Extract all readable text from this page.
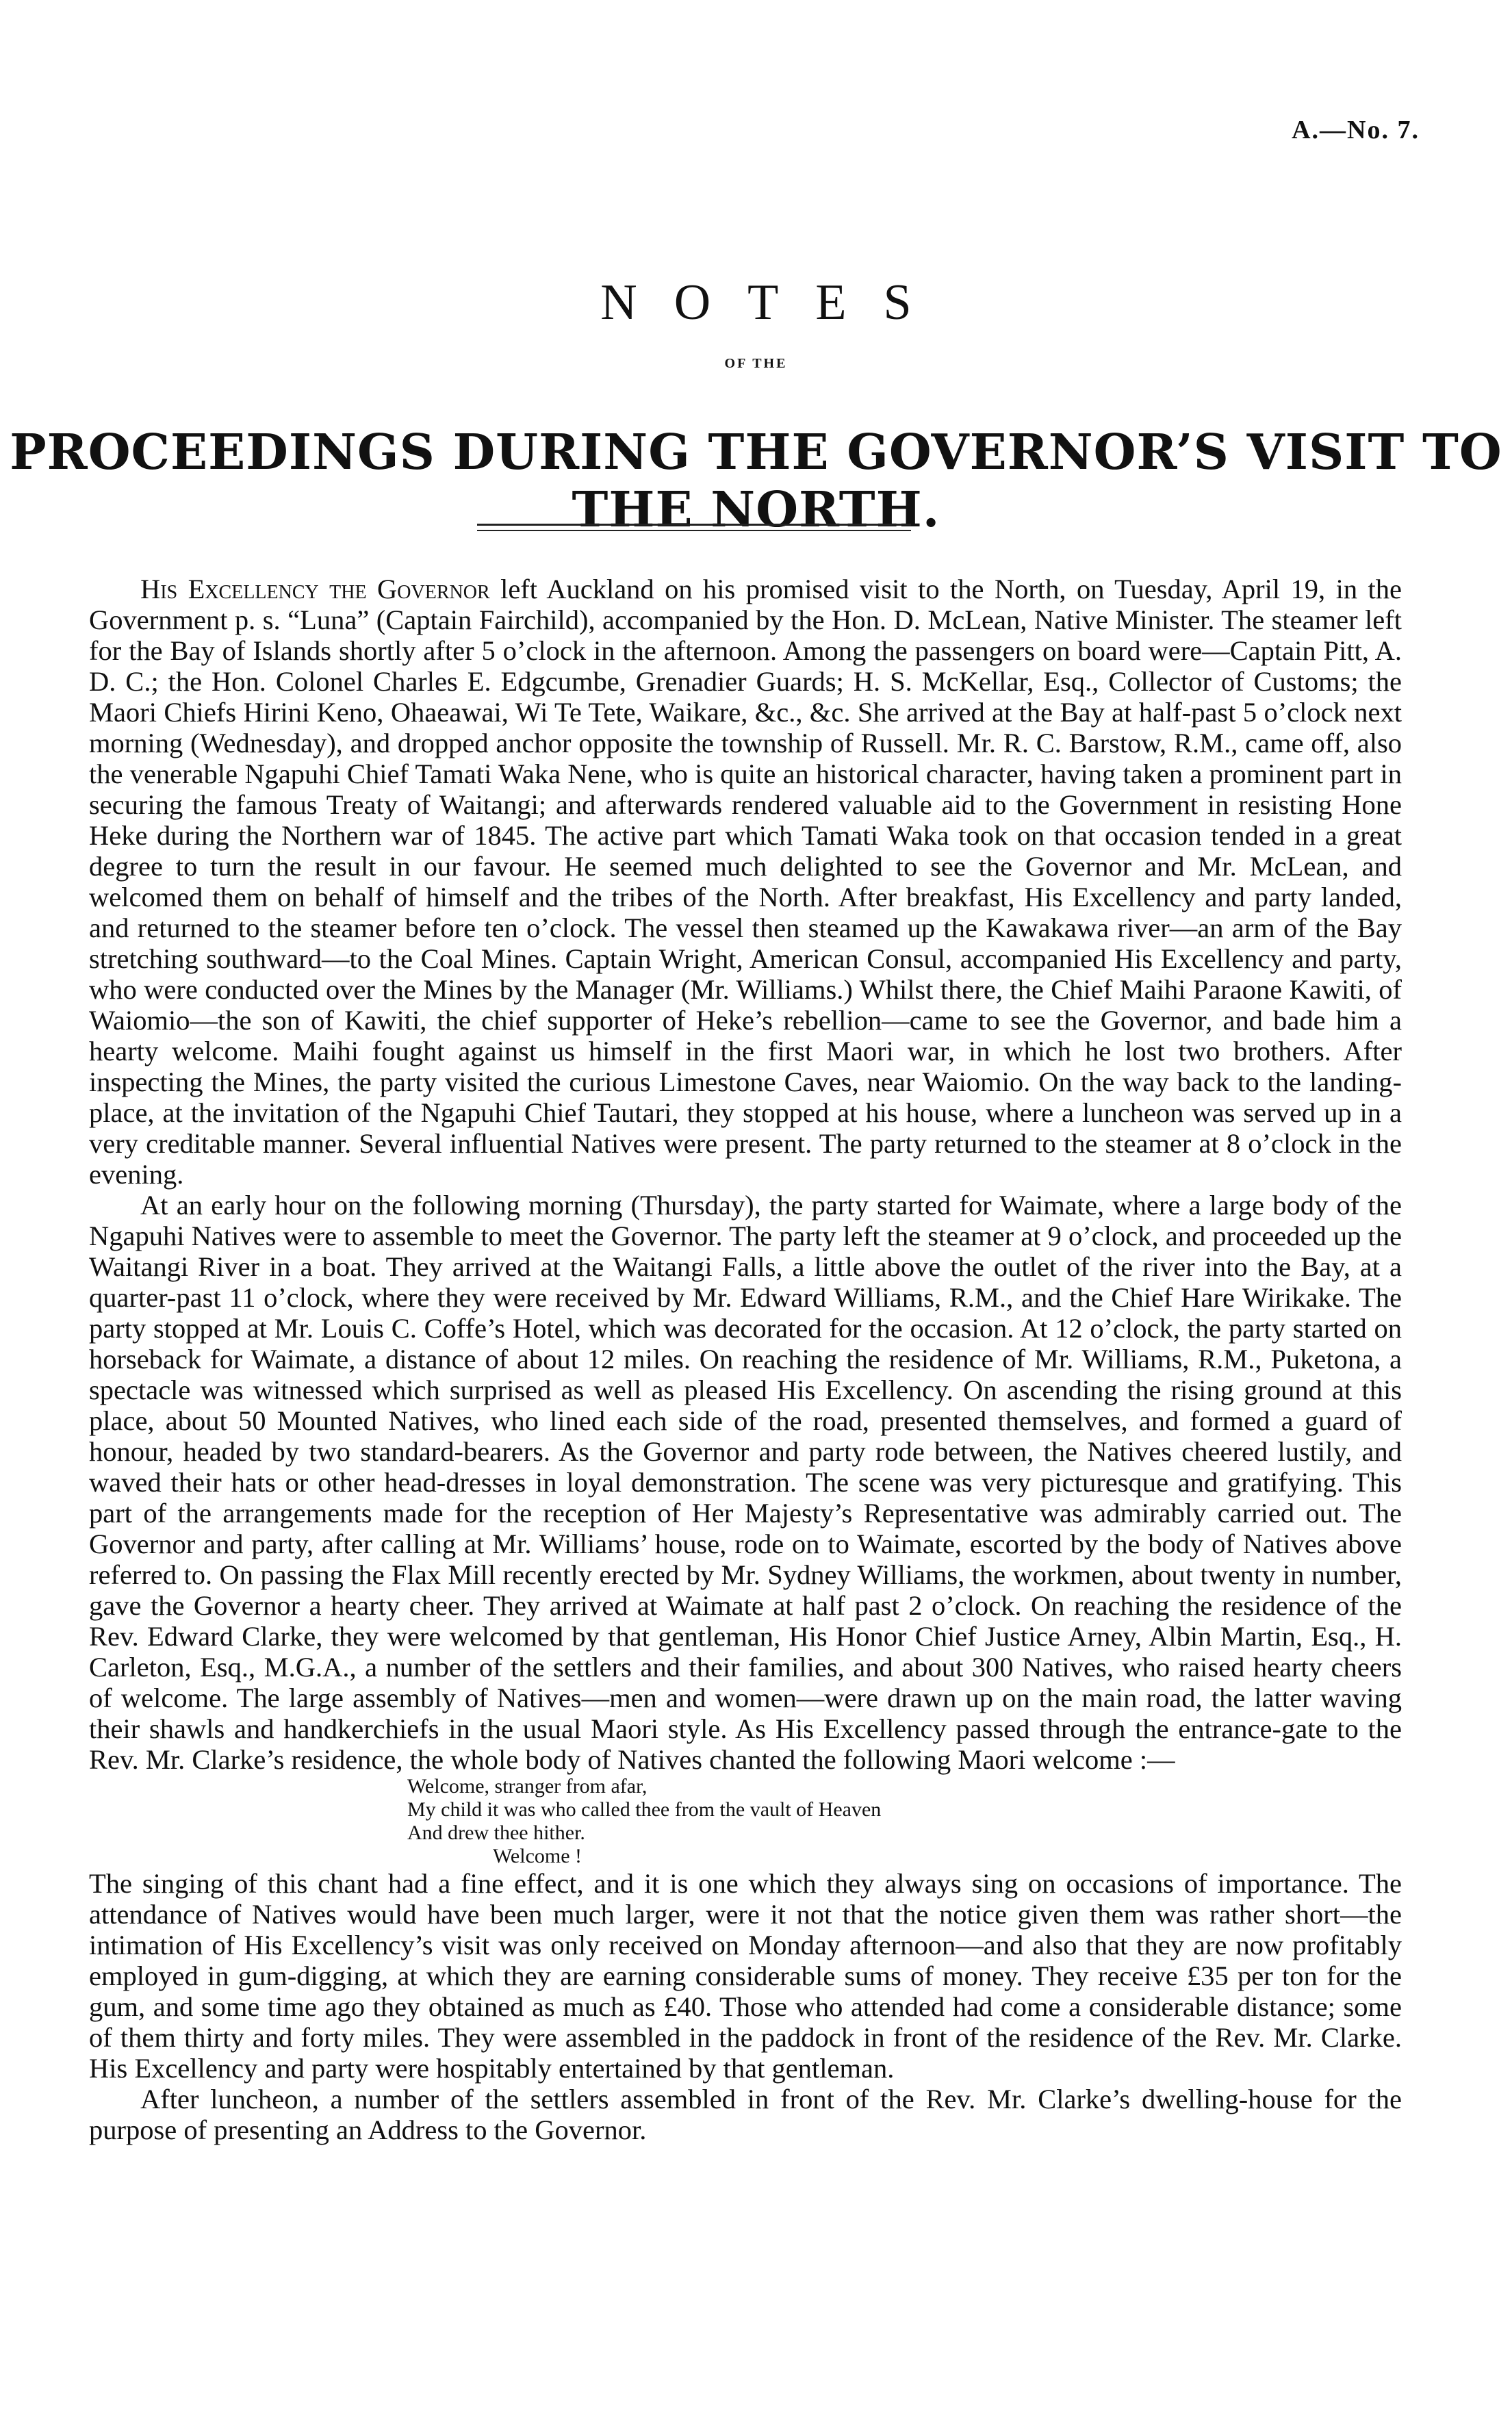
A.—No. 7.
NOTES
OF THE
PROCEEDINGS DURING THE GOVERNOR’S VISIT TO THE NORTH.

His Excellency the Governor left Auckland on his promised visit to the North, on Tuesday, April 19, in the Government p. s. “Luna” (Captain Fairchild), accompanied by the Hon. D. McLean, Native Minister. The steamer left for the Bay of Islands shortly after 5 o’clock in the afternoon. Among the passengers on board were—Captain Pitt, A. D. C.; the Hon. Colonel Charles E. Edgcumbe, Grenadier Guards; H. S. McKellar, Esq., Collector of Customs; the Maori Chiefs Hirini Keno, Ohaeawai, Wi Te Tete, Waikare, &c., &c. She arrived at the Bay at half-past 5 o’clock next morning (Wednesday), and dropped anchor opposite the township of Russell. Mr. R. C. Barstow, R.M., came off, also the venerable Ngapuhi Chief Tamati Waka Nene, who is quite an historical character, having taken a prominent part in securing the famous Treaty of Waitangi; and afterwards rendered valuable aid to the Government in resisting Hone Heke during the Northern war of 1845. The active part which Tamati Waka took on that occasion tended in a great degree to turn the result in our favour. He seemed much delighted to see the Governor and Mr. McLean, and welcomed them on behalf of himself and the tribes of the North. After breakfast, His Excellency and party landed, and returned to the steamer before ten o’clock. The vessel then steamed up the Kawakawa river—an arm of the Bay stretching southward—to the Coal Mines. Captain Wright, American Consul, accompanied His Excellency and party, who were conducted over the Mines by the Manager (Mr. Williams.) Whilst there, the Chief Maihi Paraone Kawiti, of Waiomio—the son of Kawiti, the chief supporter of Heke’s rebellion—came to see the Governor, and bade him a hearty welcome. Maihi fought against us himself in the first Maori war, in which he lost two brothers. After inspecting the Mines, the party visited the curious Limestone Caves, near Waiomio. On the way back to the landing-place, at the invitation of the Ngapuhi Chief Tautari, they stopped at his house, where a luncheon was served up in a very creditable manner. Several influential Natives were present. The party returned to the steamer at 8 o’clock in the evening.

At an early hour on the following morning (Thursday), the party started for Waimate, where a large body of the Ngapuhi Natives were to assemble to meet the Governor. The party left the steamer at 9 o’clock, and proceeded up the Waitangi River in a boat. They arrived at the Waitangi Falls, a little above the outlet of the river into the Bay, at a quarter-past 11 o’clock, where they were received by Mr. Edward Williams, R.M., and the Chief Hare Wirikake. The party stopped at Mr. Louis C. Coffe’s Hotel, which was decorated for the occasion. At 12 o’clock, the party started on horseback for Waimate, a distance of about 12 miles. On reaching the residence of Mr. Williams, R.M., Puketona, a spectacle was witnessed which surprised as well as pleased His Excellency. On ascending the rising ground at this place, about 50 Mounted Natives, who lined each side of the road, presented themselves, and formed a guard of honour, headed by two standard-bearers. As the Governor and party rode between, the Natives cheered lustily, and waved their hats or other head-dresses in loyal demonstration. The scene was very picturesque and gratifying. This part of the arrangements made for the reception of Her Majesty’s Representative was admirably carried out. The Governor and party, after calling at Mr. Williams’ house, rode on to Waimate, escorted by the body of Natives above referred to. On passing the Flax Mill recently erected by Mr. Sydney Williams, the workmen, about twenty in number, gave the Governor a hearty cheer. They arrived at Waimate at half past 2 o’clock. On reaching the residence of the Rev. Edward Clarke, they were welcomed by that gentleman, His Honor Chief Justice Arney, Albin Martin, Esq., H. Carleton, Esq., M.G.A., a number of the settlers and their families, and about 300 Natives, who raised hearty cheers of welcome. The large assembly of Natives—men and women—were drawn up on the main road, the latter waving their shawls and handkerchiefs in the usual Maori style. As His Excellency passed through the entrance-gate to the Rev. Mr. Clarke’s residence, the whole body of Natives chanted the following Maori welcome :—

Welcome, stranger from afar,
My child it was who called thee from the vault of Heaven
And drew thee hither.
Welcome !

The singing of this chant had a fine effect, and it is one which they always sing on occasions of importance. The attendance of Natives would have been much larger, were it not that the notice given them was rather short—the intimation of His Excellency’s visit was only received on Monday afternoon—and also that they are now profitably employed in gum-digging, at which they are earning considerable sums of money. They receive £35 per ton for the gum, and some time ago they obtained as much as £40. Those who attended had come a considerable distance; some of them thirty and forty miles. They were assembled in the paddock in front of the residence of the Rev. Mr. Clarke. His Excellency and party were hospitably entertained by that gentleman.

After luncheon, a number of the settlers assembled in front of the Rev. Mr. Clarke’s dwelling-house for the purpose of presenting an Address to the Governor.
